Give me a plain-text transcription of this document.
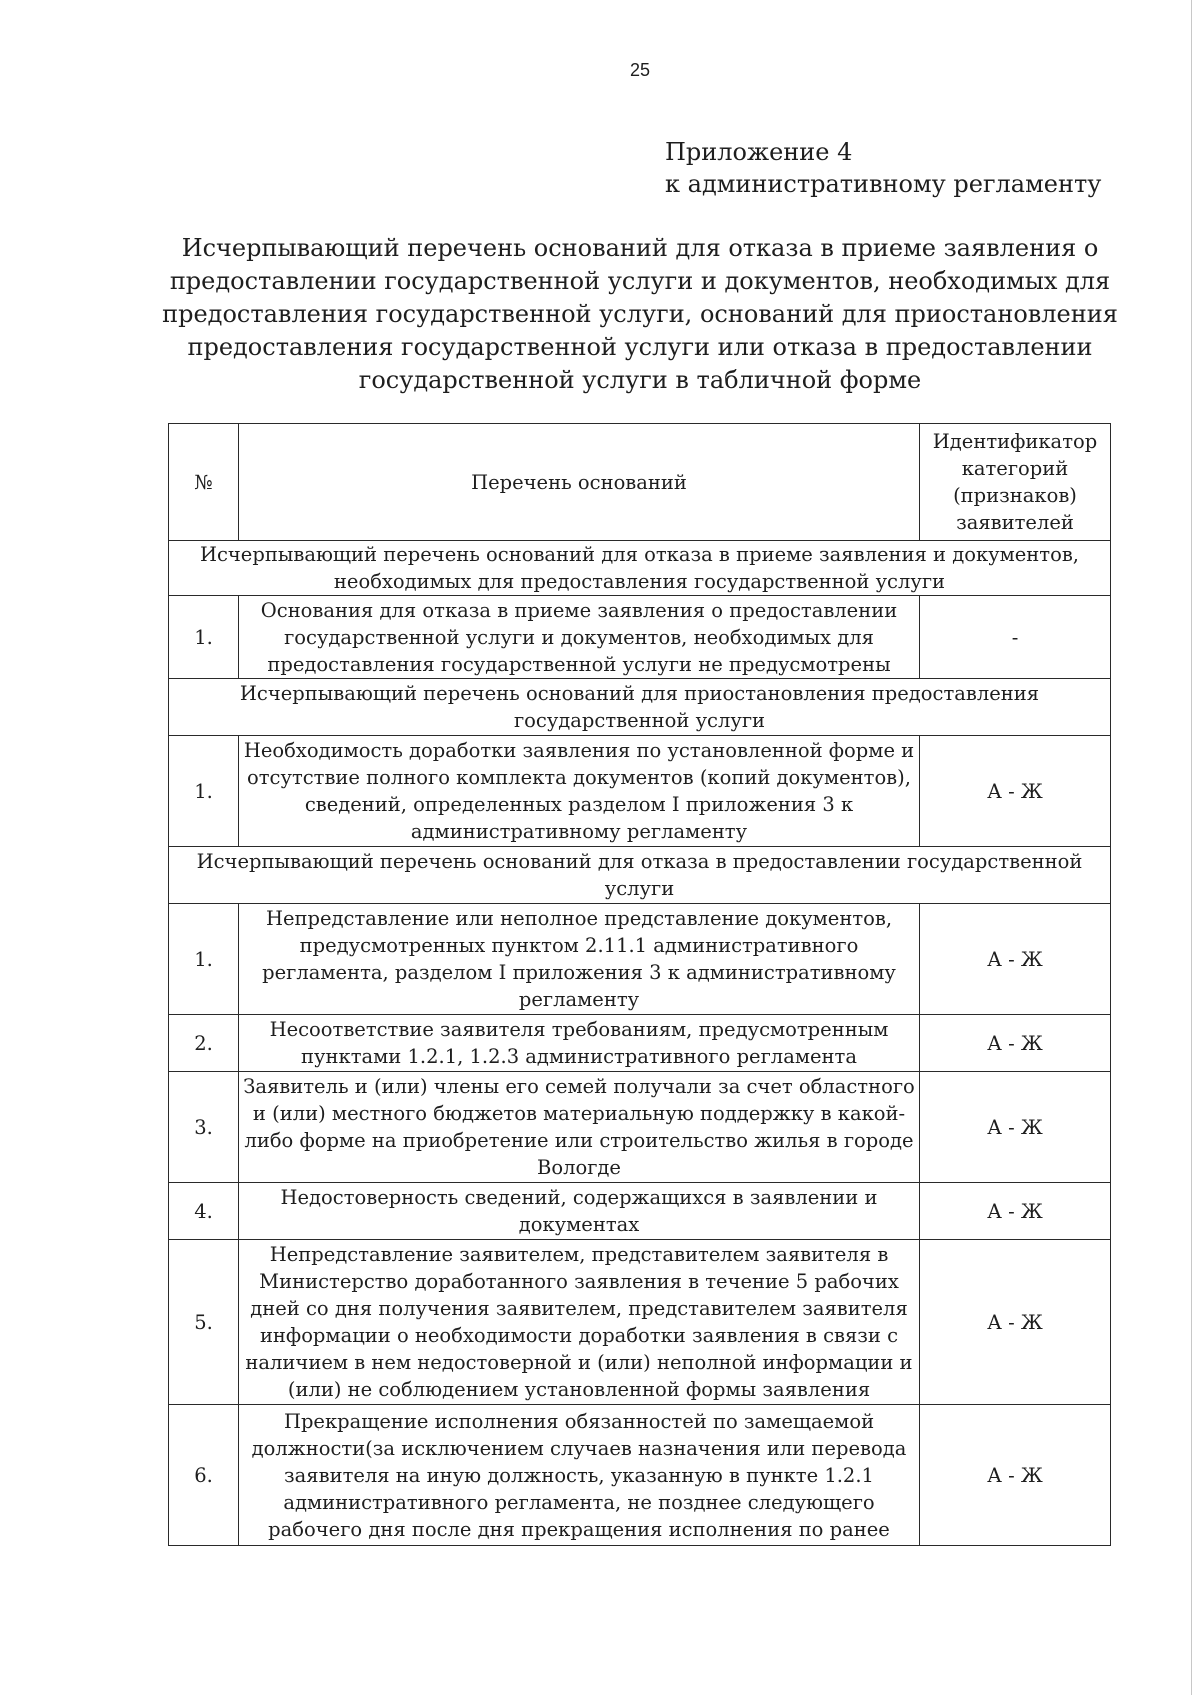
25
Приложение 4
к административному регламенту
Исчерпывающий перечень оснований для отказа в приеме заявления о предоставлении государственной услуги и документов, необходимых для предоставления государственной услуги, оснований для приостановления предоставления государственной услуги или отказа в предоставлении государственной услуги в табличной форме
№	Перечень оснований	Идентификатор категорий (признаков) заявителей
Исчерпывающий перечень оснований для отказа в приеме заявления и документов, необходимых для предоставления государственной услуги		
1.	Основания для отказа в приеме заявления о предоставлении государственной услуги и документов, необходимых для предоставления государственной услуги не предусмотрены	-
Исчерпывающий перечень оснований для приостановления предоставления государственной услуги		
1.	Необходимость доработки заявления по установленной форме и отсутствие полного комплекта документов (копий документов), сведений, определенных разделом I приложения 3 к административному регламенту	А - Ж
Исчерпывающий перечень оснований для отказа в предоставлении государственной услуги		
1.	Непредставление или неполное представление документов, предусмотренных пунктом 2.11.1 административного регламента, разделом I приложения 3 к административному регламенту	А - Ж
2.	Несоответствие заявителя требованиям, предусмотренным пунктами 1.2.1, 1.2.3 административного регламента	А - Ж
3.	Заявитель и (или) члены его семей получали за счет областного и (или) местного бюджетов материальную поддержку в какой-либо форме на приобретение или строительство жилья в городе Вологде	А - Ж
4.	Недостоверность сведений, содержащихся в заявлении и документах	А - Ж
5.	Непредставление заявителем, представителем заявителя в Министерство доработанного заявления в течение 5 рабочих дней со дня получения заявителем, представителем заявителя информации о необходимости доработки заявления в связи с наличием в нем недостоверной и (или) неполной информации и (или) не соблюдением установленной формы заявления	А - Ж
6.	Прекращение исполнения обязанностей по замещаемой должности(за исключением случаев назначения или перевода заявителя на иную должность, указанную в пункте 1.2.1 административного регламента, не позднее следующего рабочего дня после дня прекращения исполнения по ранее	А - Ж
